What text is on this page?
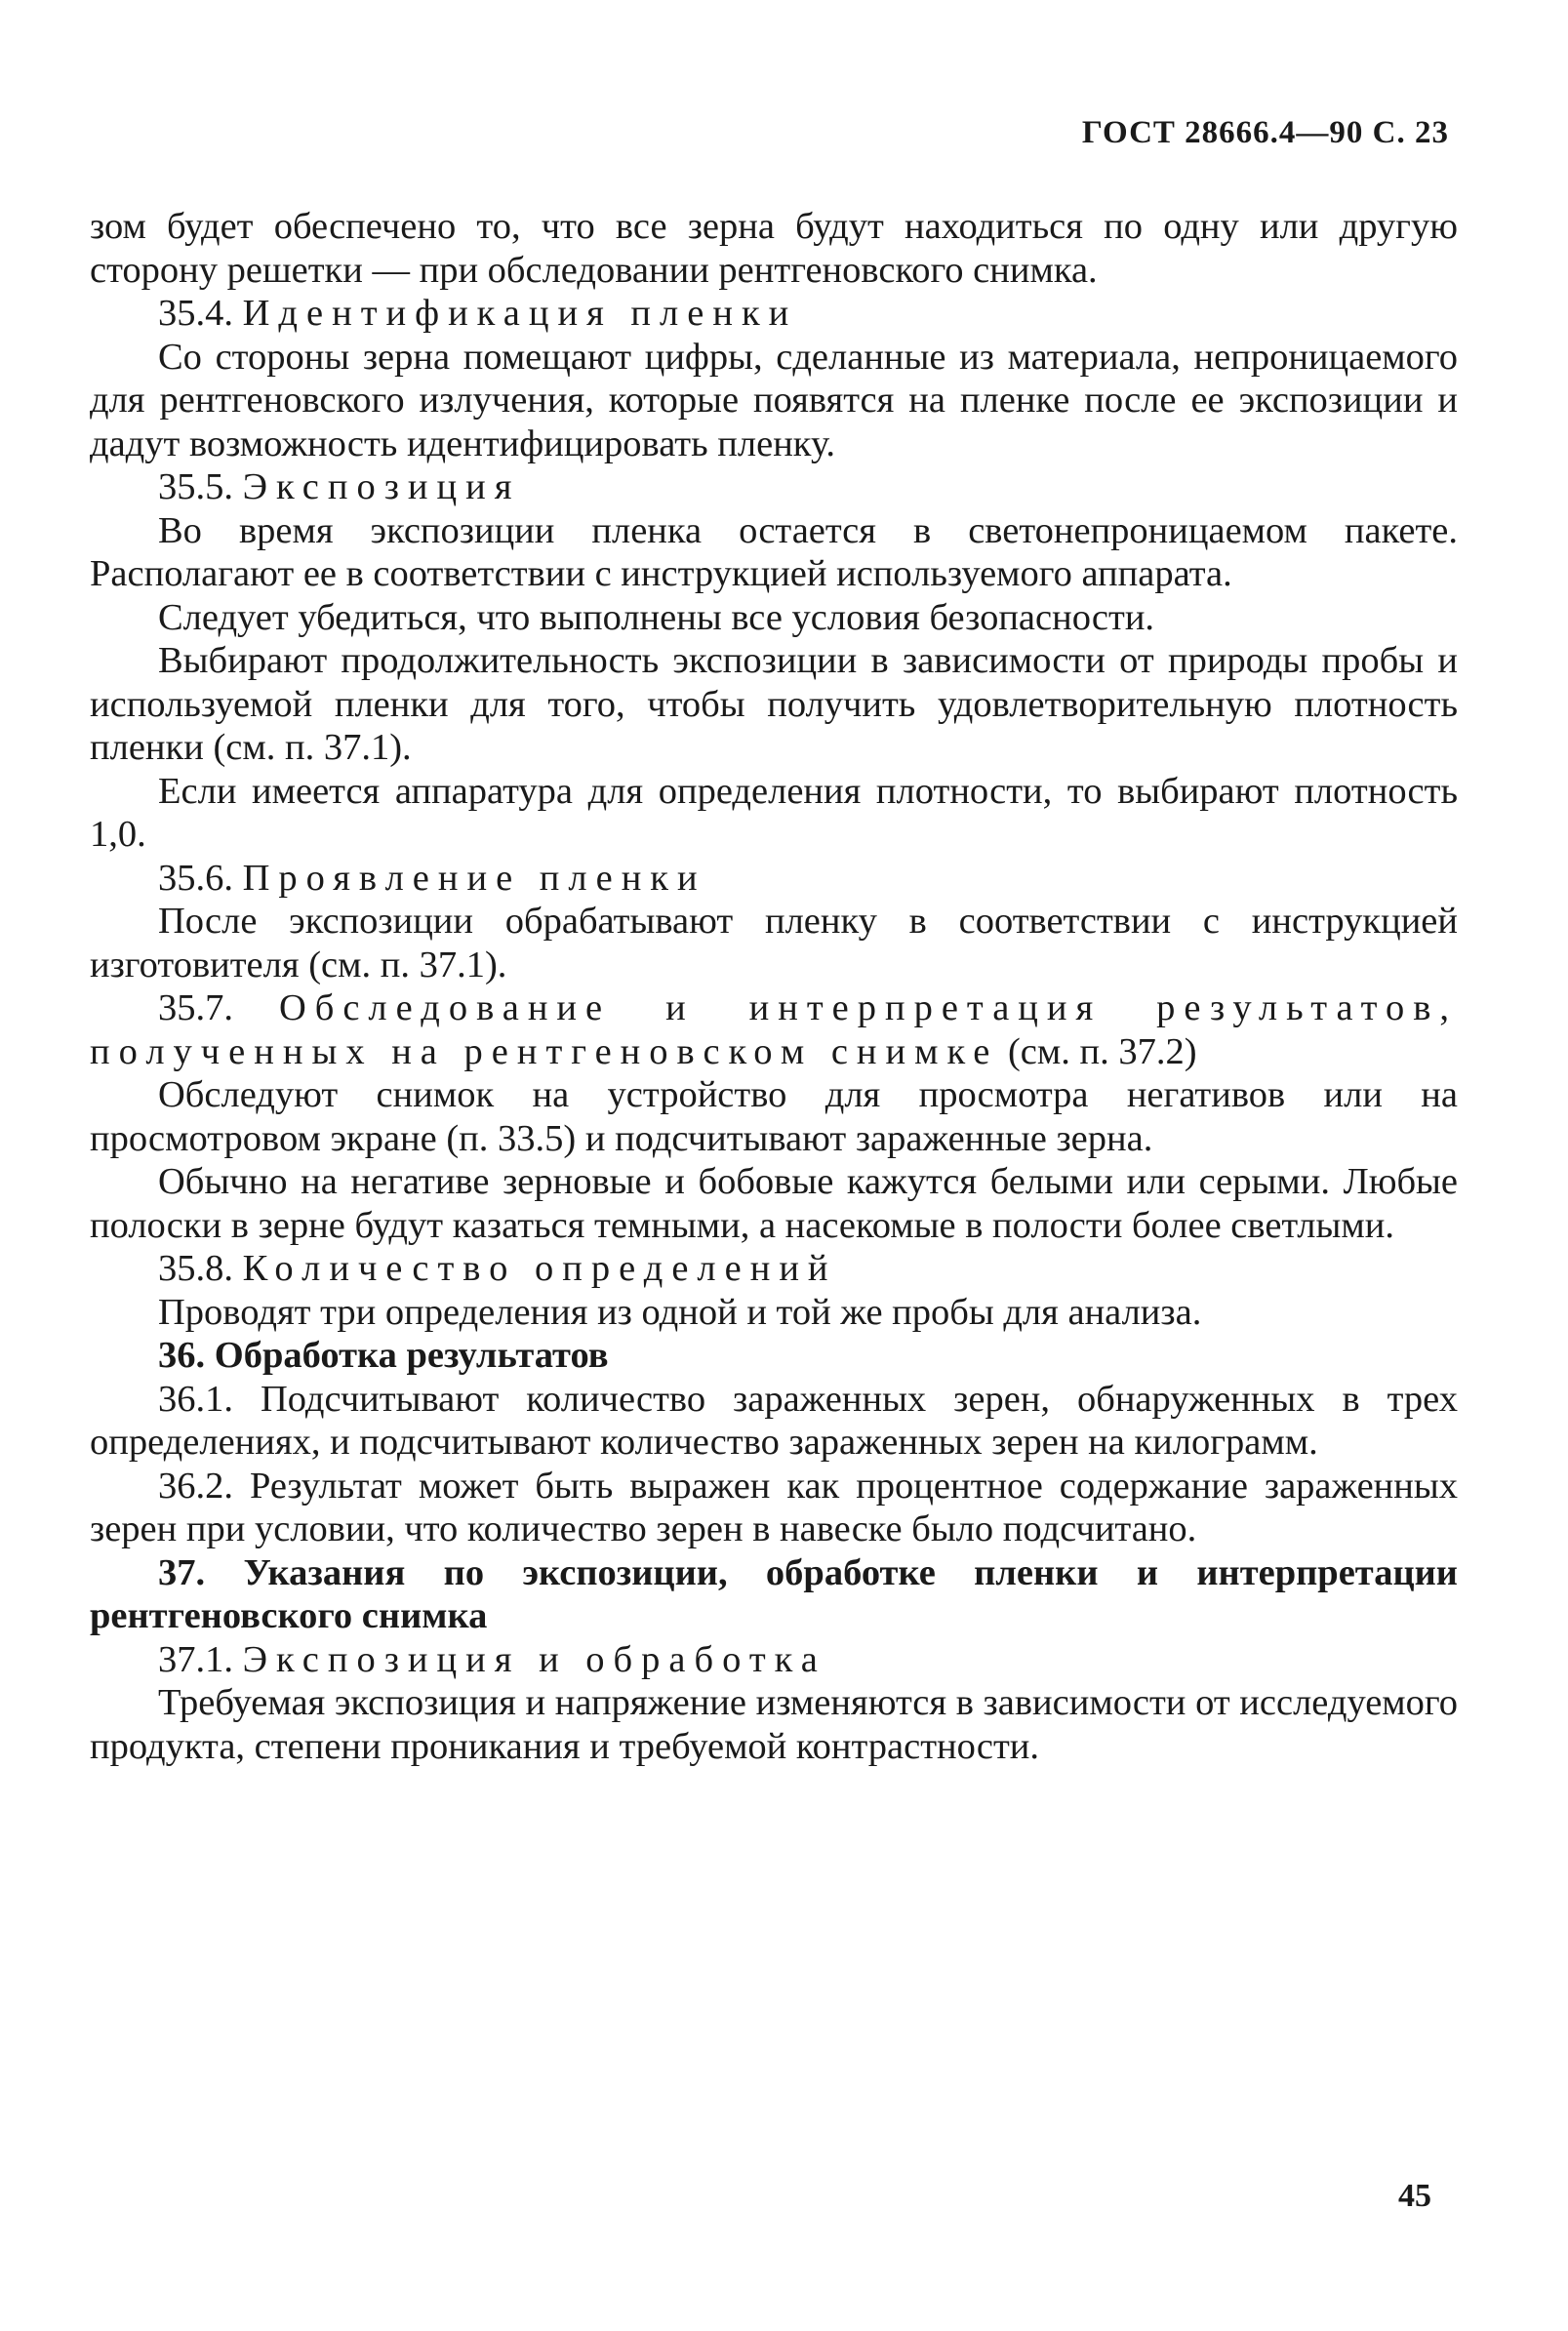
ГОСТ 28666.4—90 С. 23

зом будет обеспечено то, что все зерна будут находиться по одну или другую сторону решетки — при обследовании рентгеновского снимка.

35.4. Идентификация пленки

Со стороны зерна помещают цифры, сделанные из материала, непроницаемого для рентгеновского излучения, которые появятся на пленке после ее экспозиции и дадут возможность идентифицировать пленку.

35.5. Экспозиция

Во время экспозиции пленка остается в светонепроницаемом пакете. Располагают ее в соответствии с инструкцией используемого аппарата.

Следует убедиться, что выполнены все условия безопасности.

Выбирают продолжительность экспозиции в зависимости от природы пробы и используемой пленки для того, чтобы получить удовлетворительную плотность пленки (см. п. 37.1).

Если имеется аппаратура для определения плотности, то выбирают плотность 1,0.

35.6. Проявление пленки

После экспозиции обрабатывают пленку в соответствии с инструкцией изготовителя (см. п. 37.1).

35.7. Обследование и интерпретация результатов, полученных на рентгеновском снимке (см. п. 37.2)

Обследуют снимок на устройство для просмотра негативов или на просмотровом экране (п. 33.5) и подсчитывают зараженные зерна.

Обычно на негативе зерновые и бобовые кажутся белыми или серыми. Любые полоски в зерне будут казаться темными, а насекомые в полости более светлыми.

35.8. Количество определений

Проводят три определения из одной и той же пробы для анализа.

36. Обработка результатов

36.1. Подсчитывают количество зараженных зерен, обнаруженных в трех определениях, и подсчитывают количество зараженных зерен на килограмм.

36.2. Результат может быть выражен как процентное содержание зараженных зерен при условии, что количество зерен в навеске было подсчитано.

37. Указания по экспозиции, обработке пленки и интерпретации рентгеновского снимка

37.1. Экспозиция и обработка

Требуемая экспозиция и напряжение изменяются в зависимости от исследуемого продукта, степени проникания и требуемой контрастности.

45
